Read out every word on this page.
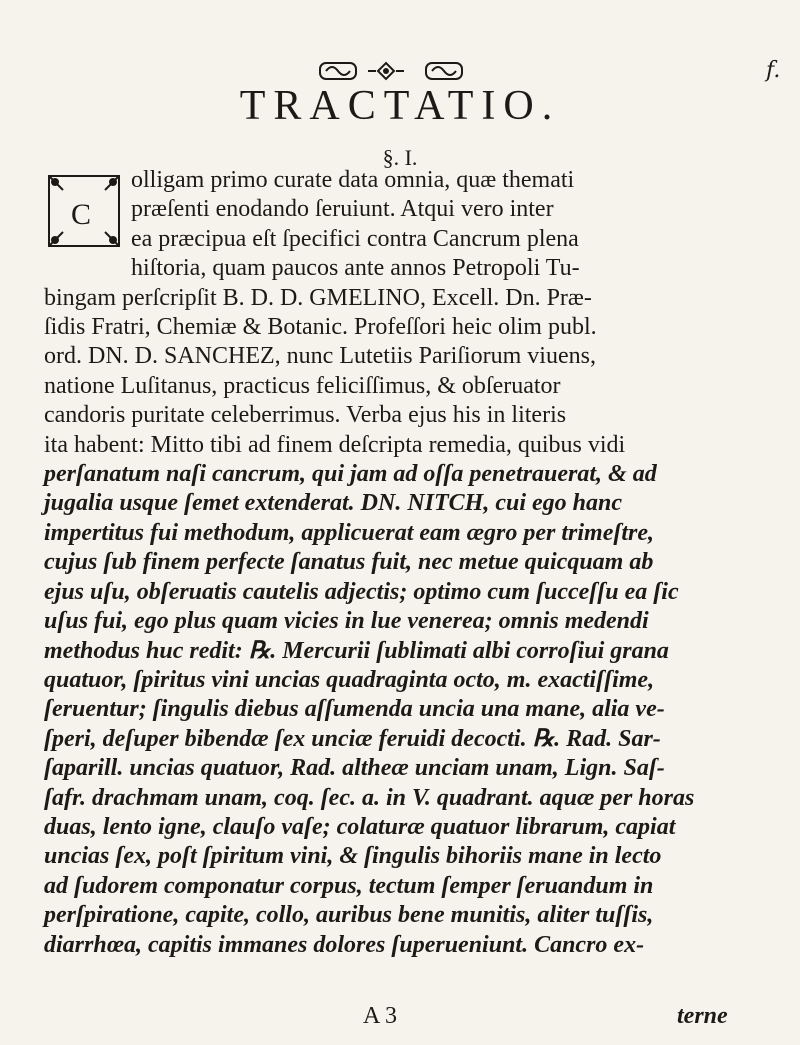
f.
TRACTATIO.
§. I.
C
olligam primo curate data omnia, quæ themati
præſenti enodando ſeruiunt. Atqui vero inter
ea præcipua eſt ſpecifici contra Cancrum plena
hiſtoria, quam paucos ante annos Petropoli Tu-
bingam perſcripſit B. D. D. GMELINO, Excell. Dn. Præ-
ſidis Fratri, Chemiæ & Botanic. Profeſſori heic olim publ.
ord. DN. D. SANCHEZ, nunc Lutetiis Pariſiorum viuens,
natione Luſitanus, practicus feliciſſimus, & obſeruator
candoris puritate celeberrimus. Verba ejus his in literis
ita habent: Mitto tibi ad finem deſcripta remedia, quibus vidi
perſanatum naſi cancrum, qui jam ad oſſa penetrauerat, & ad
jugalia usque ſemet extenderat. DN. NITCH, cui ego hanc
impertitus fui methodum, applicuerat eam ægro per trimeſtre,
cujus ſub finem perfecte ſanatus fuit, nec metue quicquam ab
ejus uſu, obſeruatis cautelis adjectis; optimo cum ſucceſſu ea ſic
uſus fui, ego plus quam vicies in lue venerea; omnis medendi
methodus huc redit: ℞. Mercurii ſublimati albi corroſiui grana
quatuor, ſpiritus vini uncias quadraginta octo, m. exactiſſime,
ſeruentur; ſingulis diebus aſſumenda uncia una mane, alia ve-
ſperi, deſuper bibendæ ſex unciæ feruidi decocti. ℞. Rad. Sar-
ſaparill. uncias quatuor, Rad. altheæ unciam unam, Lign. Saſ-
ſafr. drachmam unam, coq. ſec. a. in V. quadrant. aquæ per horas
duas, lento igne, clauſo vaſe; colaturæ quatuor librarum, capiat
uncias ſex, poſt ſpiritum vini, & ſingulis bihoriis mane in lecto
ad ſudorem componatur corpus, tectum ſemper ſeruandum in
perſpiratione, capite, collo, auribus bene munitis, aliter tuſſis,
diarrhœa, capitis immanes dolores ſuperueniunt. Cancro ex-
A 3	terne
